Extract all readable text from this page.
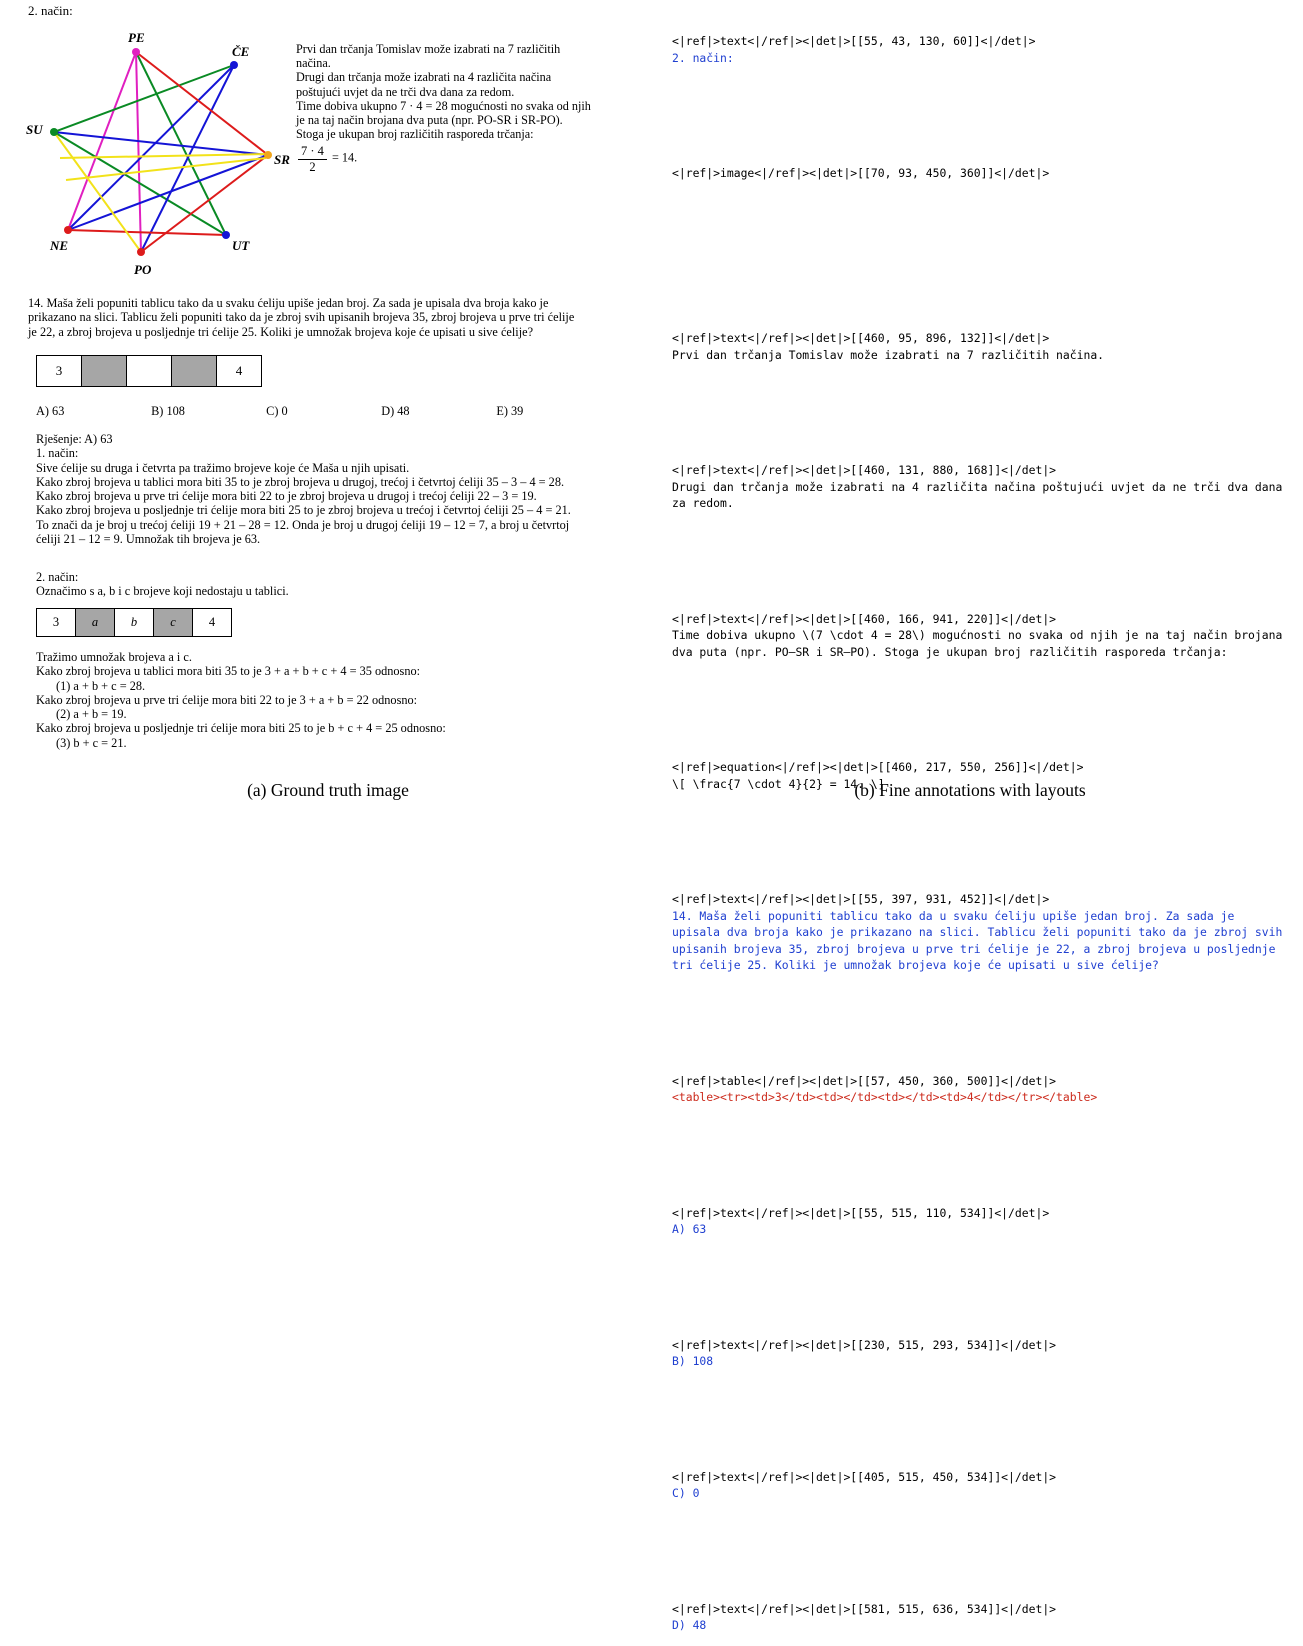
2. način:
PE
ČE
SU
SR
NE	UT
PO
Prvi dan trčanja Tomislav može izabrati na 7 različitih
načina.
Drugi dan trčanja može izabrati na 4 različita načina
poštujući uvjet da ne trči dva dana za redom.
Time dobiva ukupno 7 · 4 = 28 mogućnosti no svaka od njih
je na taj način brojana dva puta (npr. PO-SR i SR-PO).
Stoga je ukupan broj različitih rasporeda trčanja:
$\frac{7 \cdot 4}{2} = 14$.
14. Maša želi popuniti tablicu tako da u svaku ćeliju upiše jedan broj. Za sada je upisala dva broja kako je
prikazano na slici. Tablicu želi popuniti tako da je zbroj svih upisanih brojeva 35, zbroj brojeva u prve tri ćelije
je 22, a zbroj brojeva u posljednje tri ćelije 25. Koliki je umnožak brojeva koje će upisati u sive ćelije?
3				4
A) 63	B) 108	C) 0	D) 48	E) 39
Rješenje: A) 63
1. način:
Sive ćelije su druga i četvrta pa tražimo brojeve koje će Maša u njih upisati.
Kako zbroj brojeva u tablici mora biti 35 to je zbroj brojeva u drugoj, trećoj i četvrtoj ćeliji 35 – 3 – 4 = 28.
Kako zbroj brojeva u prve tri ćelije mora biti 22 to je zbroj brojeva u drugoj i trećoj ćeliji 22 – 3 = 19.
Kako zbroj brojeva u posljednje tri ćelije mora biti 25 to je zbroj brojeva u trećoj i četvrtoj ćeliji 25 – 4 = 21.
To znači da je broj u trećoj ćeliji 19 + 21 – 28 = 12. Onda je broj u drugoj ćeliji 19 – 12 = 7, a broj u četvrtoj
ćeliji 21 – 12 = 9. Umnožak tih brojeva je 63.
2. način:
Označimo s a, b i c brojeve koji nedostaju u tablici.
3	a	b	c	4
Tražimo umnožak brojeva a i c.
Kako zbroj brojeva u tablici mora biti 35 to je 3 + a + b + c + 4 = 35 odnosno:
(1) a + b + c = 28.
Kako zbroj brojeva u prve tri ćelije mora biti 22 to je 3 + a + b = 22 odnosno:
(2) a + b = 19.
Kako zbroj brojeva u posljednje tri ćelije mora biti 25 to je b + c + 4 = 25 odnosno:
(3) b + c = 21.

<|ref|>text<|/ref|><|det|>[[55, 43, 130, 60]]<|/det|>
2. način:

<|ref|>image<|/ref|><|det|>[[70, 93, 450, 360]]<|/det|>

<|ref|>text<|/ref|><|det|>[[460, 95, 896, 132]]<|/det|>
Prvi dan trčanja Tomislav može izabrati na 7 različitih načina.

<|ref|>text<|/ref|><|det|>[[460, 131, 880, 168]]<|/det|>
Drugi dan trčanja može izabrati na 4 različita načina poštujući uvjet da ne trči dva dana za redom.

<|ref|>text<|/ref|><|det|>[[460, 166, 941, 220]]<|/det|>
Time dobiva ukupno \(7 \cdot 4 = 28\) mogućnosti no svaka od njih je na taj način brojana dva puta (npr. PO–SR i SR–PO). Stoga je ukupan broj različitih rasporeda trčanja:

<|ref|>equation<|/ref|><|det|>[[460, 217, 550, 256]]<|/det|>
\[ \frac{7 \cdot 4}{2} = 14. \]

<|ref|>text<|/ref|><|det|>[[55, 397, 931, 452]]<|/det|>
14. Maša želi popuniti tablicu tako da u svaku ćeliju upiše jedan broj. Za sada je upisala dva broja kako je prikazano na slici. Tablicu želi popuniti tako da je zbroj svih upisanih brojeva 35, zbroj brojeva u prve tri ćelije je 22, a zbroj brojeva u posljednje tri ćelije 25. Koliki je umnožak brojeva koje će upisati u sive ćelije?

<|ref|>table<|/ref|><|det|>[[57, 450, 360, 500]]<|/det|>
<table><tr><td>3</td><td></td><td></td><td>4</td></tr></table>

<|ref|>text<|/ref|><|det|>[[55, 515, 110, 534]]<|/det|>
A) 63

<|ref|>text<|/ref|><|det|>[[230, 515, 293, 534]]<|/det|>
B) 108

<|ref|>text<|/ref|><|det|>[[405, 515, 450, 534]]<|/det|>
C) 0

<|ref|>text<|/ref|><|det|>[[581, 515, 636, 534]]<|/det|>
D) 48

(a) Ground truth image	(b) Fine annotations with layouts
